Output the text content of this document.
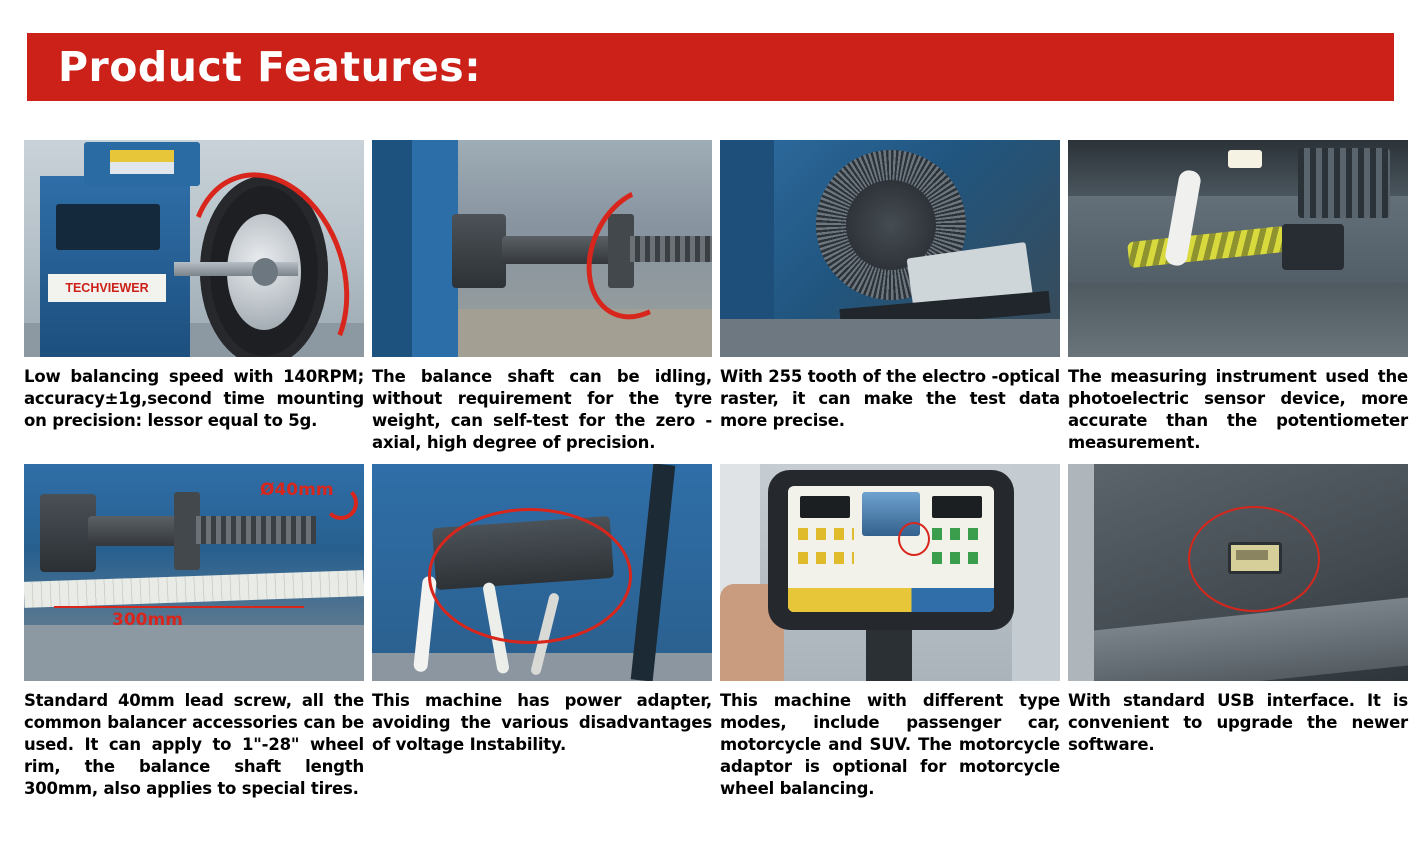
Product Features:
TECHVIEWER
Low balancing speed with 140RPM; accuracy±1g,second time mounting on precision: lessor equal to 5g.
The balance shaft can be idling, without requirement for the tyre weight, can self-test for the zero -axial, high degree of precision.
With 255 tooth of the electro -optical raster, it can make the test data more precise.
The measuring instrument used the photoelectric sensor device, more accurate than the potentiometer measurement.
Ø40mm
300mm
Standard 40mm lead screw, all the common balancer accessories can be used. It can apply to 1"-28" wheel rim, the balance shaft length 300mm, also applies to special tires.
This machine has power adapter, avoiding the various disadvantages of voltage Instability.
This machine with different type modes, include passenger car, motorcycle and SUV. The motorcycle adaptor is optional for motorcycle wheel balancing.
With standard USB interface. It is convenient to upgrade the newer software.
